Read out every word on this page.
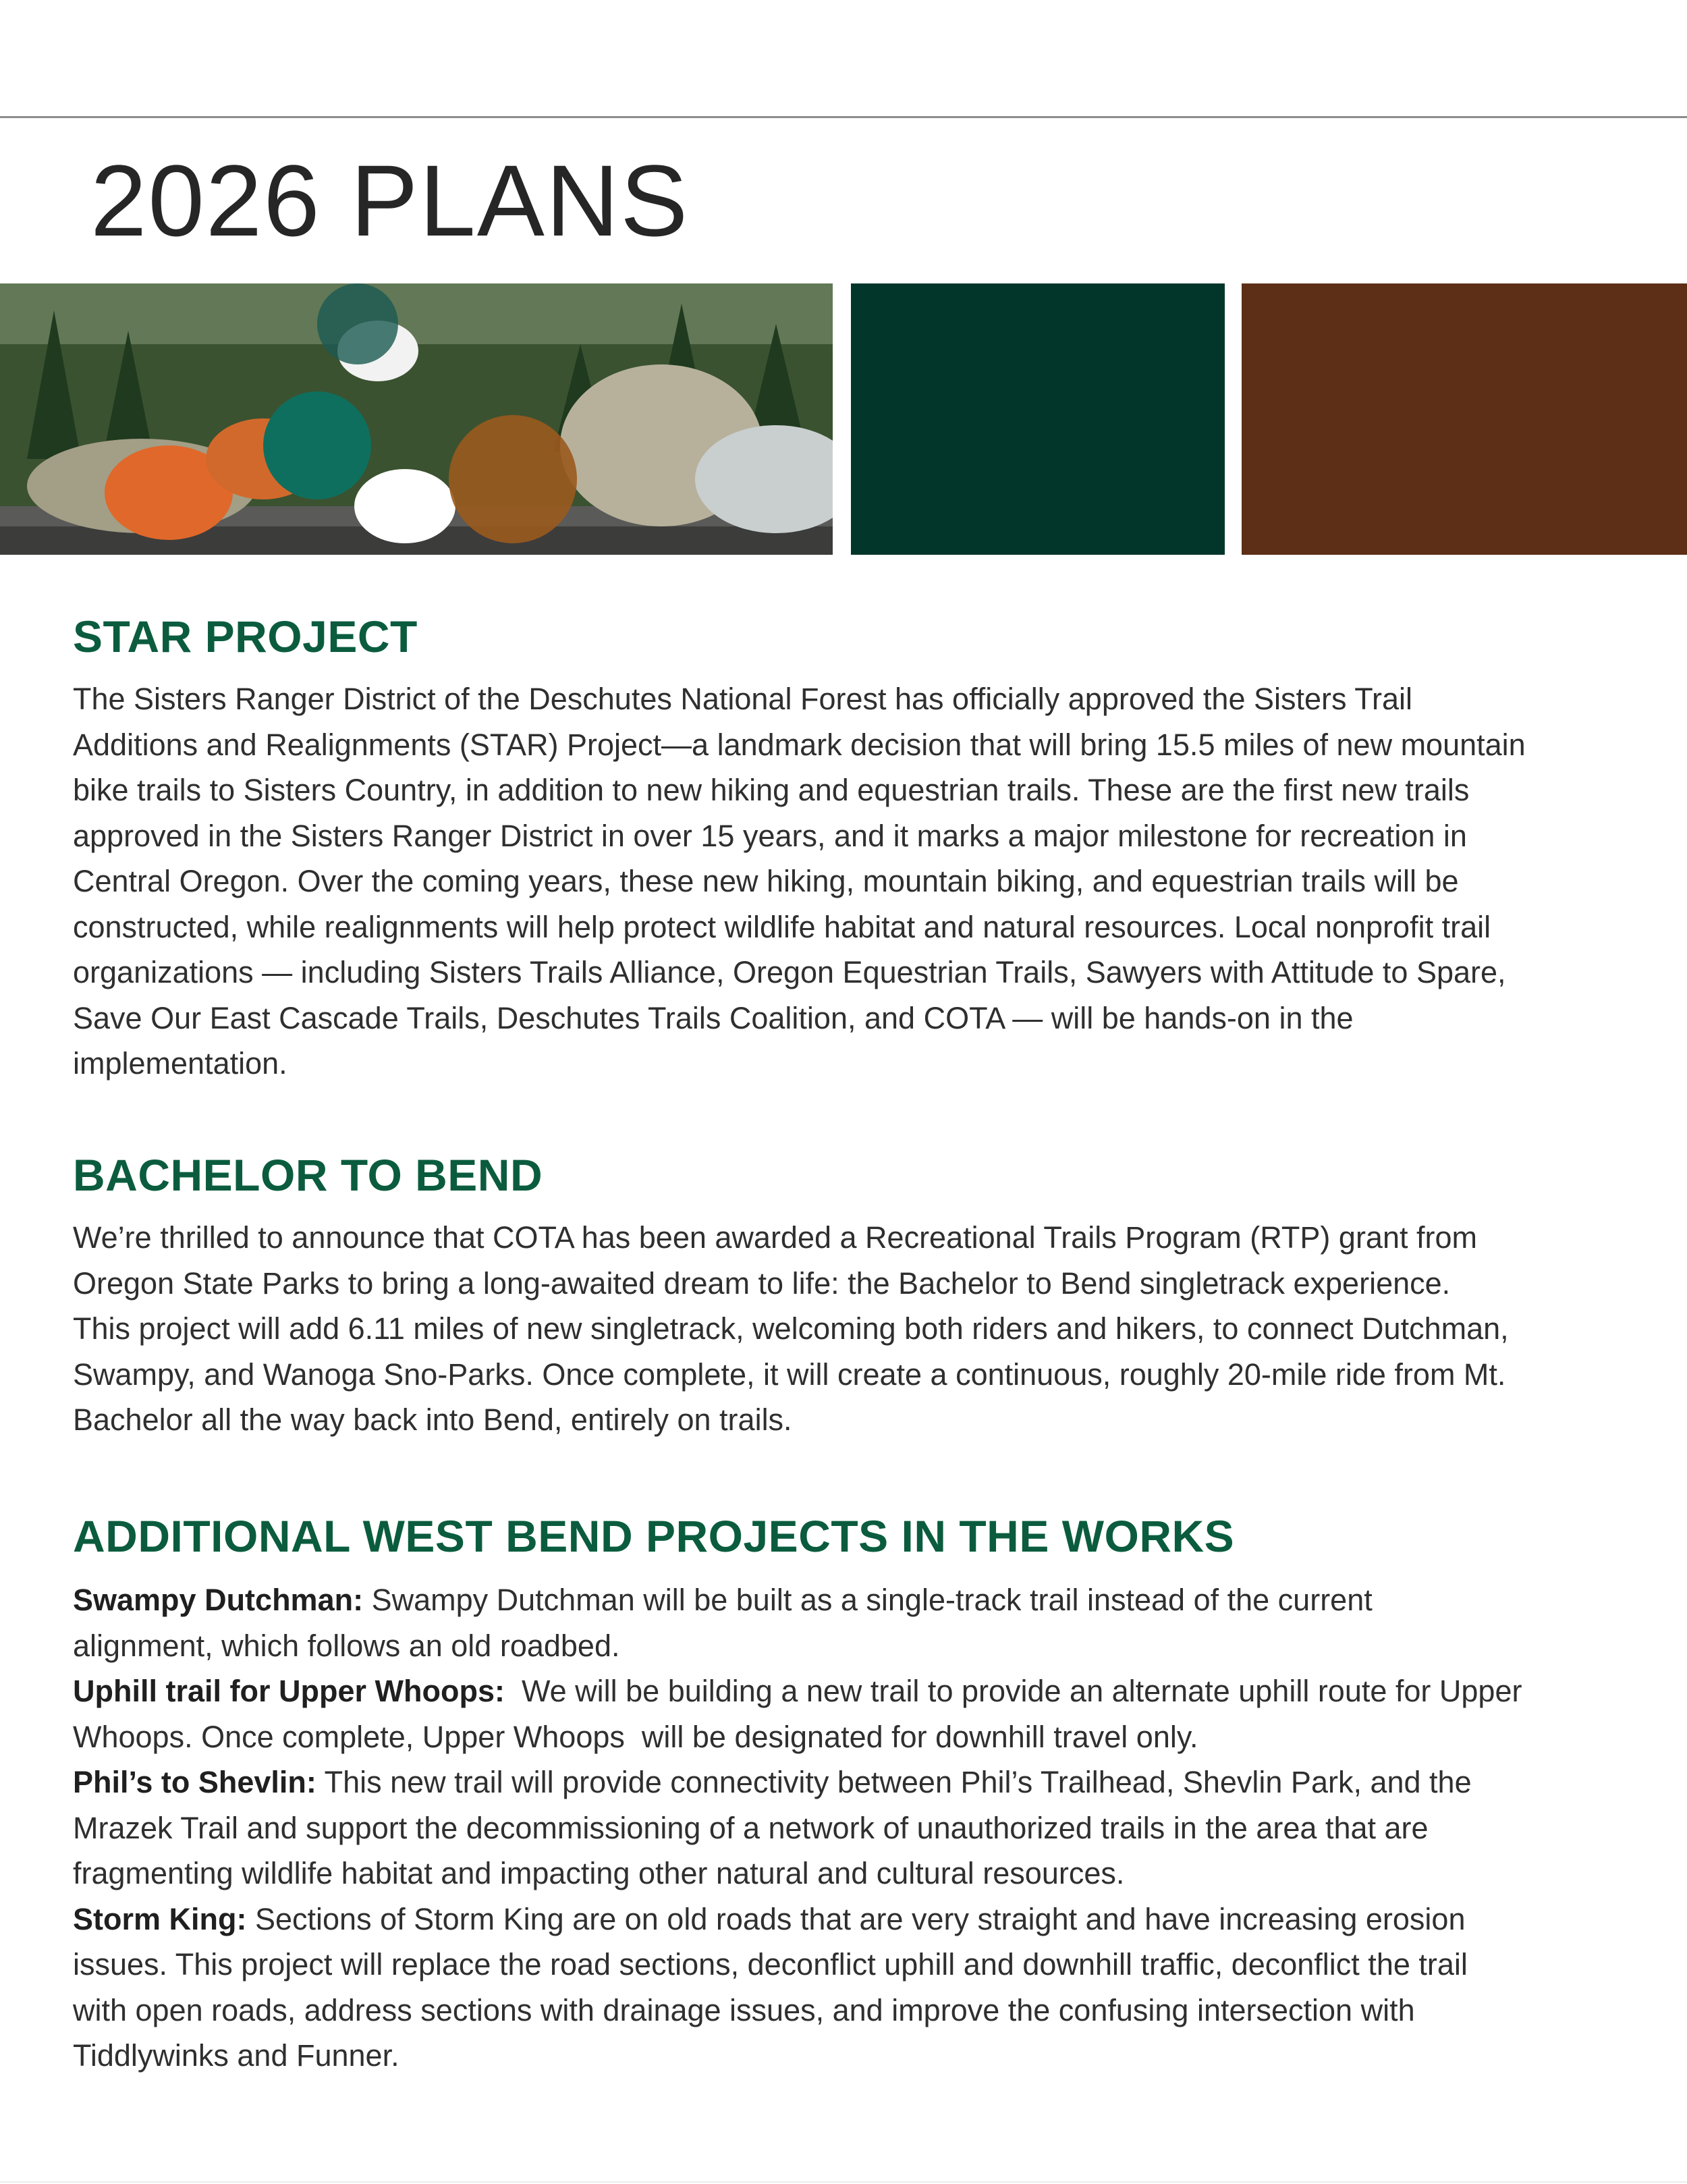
2026 PLANS
STAR PROJECT

The Sisters Ranger District of the Deschutes National Forest has officially approved the Sisters Trail

Additions and Realignments (STAR) Project—a landmark decision that will bring 15.5 miles of new mountain

bike trails to Sisters Country, in addition to new hiking and equestrian trails. These are the first new trails

approved in the Sisters Ranger District in over 15 years, and it marks a major milestone for recreation in

Central Oregon. Over the coming years, these new hiking, mountain biking, and equestrian trails will be

constructed, while realignments will help protect wildlife habitat and natural resources. Local nonprofit trail

organizations — including Sisters Trails Alliance, Oregon Equestrian Trails, Sawyers with Attitude to Spare,

Save Our East Cascade Trails, Deschutes Trails Coalition, and COTA — will be hands-on in the

implementation.

BACHELOR TO BEND

We’re thrilled to announce that COTA has been awarded a Recreational Trails Program (RTP) grant from

Oregon State Parks to bring a long-awaited dream to life: the Bachelor to Bend singletrack experience.

This project will add 6.11 miles of new singletrack, welcoming both riders and hikers, to connect Dutchman,

Swampy, and Wanoga Sno-Parks. Once complete, it will create a continuous, roughly 20-mile ride from Mt.

Bachelor all the way back into Bend, entirely on trails.

ADDITIONAL WEST BEND PROJECTS IN THE WORKS

Swampy Dutchman: Swampy Dutchman will be built as a single-track trail instead of the current

alignment, which follows an old roadbed.

Uphill trail for Upper Whoops:  We will be building a new trail to provide an alternate uphill route for Upper

Whoops. Once complete, Upper Whoops  will be designated for downhill travel only.

Phil’s to Shevlin: This new trail will provide connectivity between Phil’s Trailhead, Shevlin Park, and the

Mrazek Trail and support the decommissioning of a network of unauthorized trails in the area that are

fragmenting wildlife habitat and impacting other natural and cultural resources.

Storm King: Sections of Storm King are on old roads that are very straight and have increasing erosion

issues. This project will replace the road sections, deconflict uphill and downhill traffic, deconflict the trail

with open roads, address sections with drainage issues, and improve the confusing intersection with

Tiddlywinks and Funner.
